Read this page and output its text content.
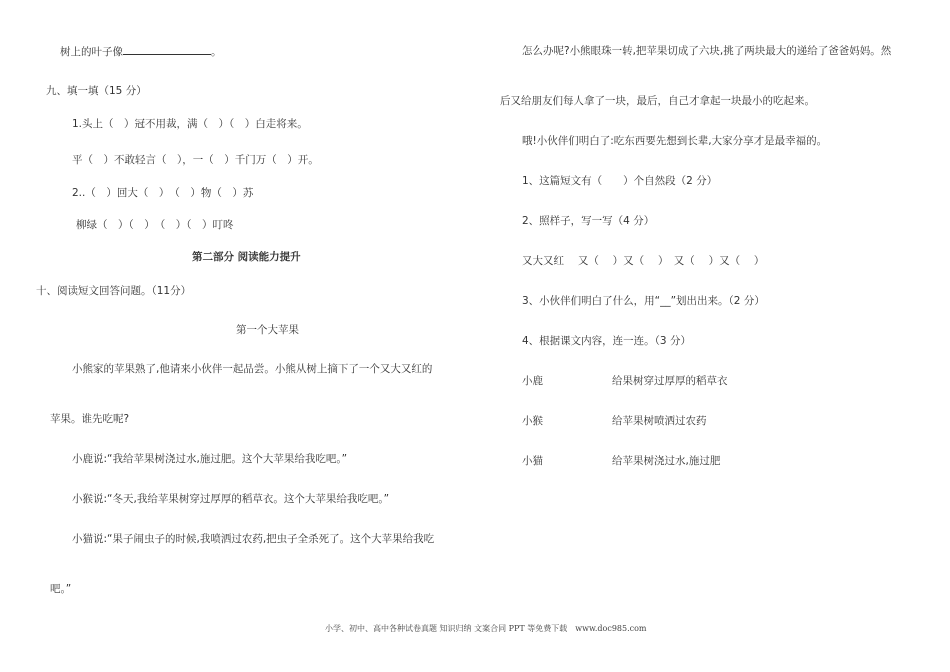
树上的叶子像	。
九、填一填（15 分）
1.头上（　）冠不用裁，满（　）（　）白走将来。
平（　）不敢轻言（　），一（　）千门万（　）开。
2..（　）回大（　）　（　）物（　）苏
柳绿（　）（　）　（　）（　）叮咚
第二部分 阅读能力提升
十、阅读短文回答问题。（11分）
第一个大苹果
小熊家的苹果熟了,他请来小伙伴一起品尝。小熊从树上摘下了一个又大又红的
苹果。谁先吃呢?
小鹿说:“我给苹果树浇过水,施过肥。这个大苹果给我吃吧。”
小猴说:“冬天,我给苹果树穿过厚厚的稻草衣。这个大苹果给我吃吧。”
小猫说:“果子闹虫子的时候,我喷洒过农药,把虫子全杀死了。这个大苹果给我吃
吧。”
怎么办呢?小熊眼珠一转,把苹果切成了六块,挑了两块最大的递给了爸爸妈妈。然
后又给朋友们每人拿了一块，最后，自己才拿起一块最小的吃起来。
哦!小伙伴们明白了:吃东西要先想到长辈,大家分享才是最幸福的。
1、这篇短文有（　　）个自然段（2 分）
2、照样子，写一写（4 分）
又大又红　 又（　 ）又（　 ）　又（　 ）又（　 ）
3、小伙伴们明白了什么，用“__”划出出来。（2 分）
4、根据课文内容，连一连。（3 分）
小鹿	给果树穿过厚厚的稻草衣
小猴	给苹果树喷洒过农药
小猫	给苹果树浇过水,施过肥
小学、初中、高中各种试卷真题 知识归纳 文案合同 PPT 等免费下载　www.doc985.com
